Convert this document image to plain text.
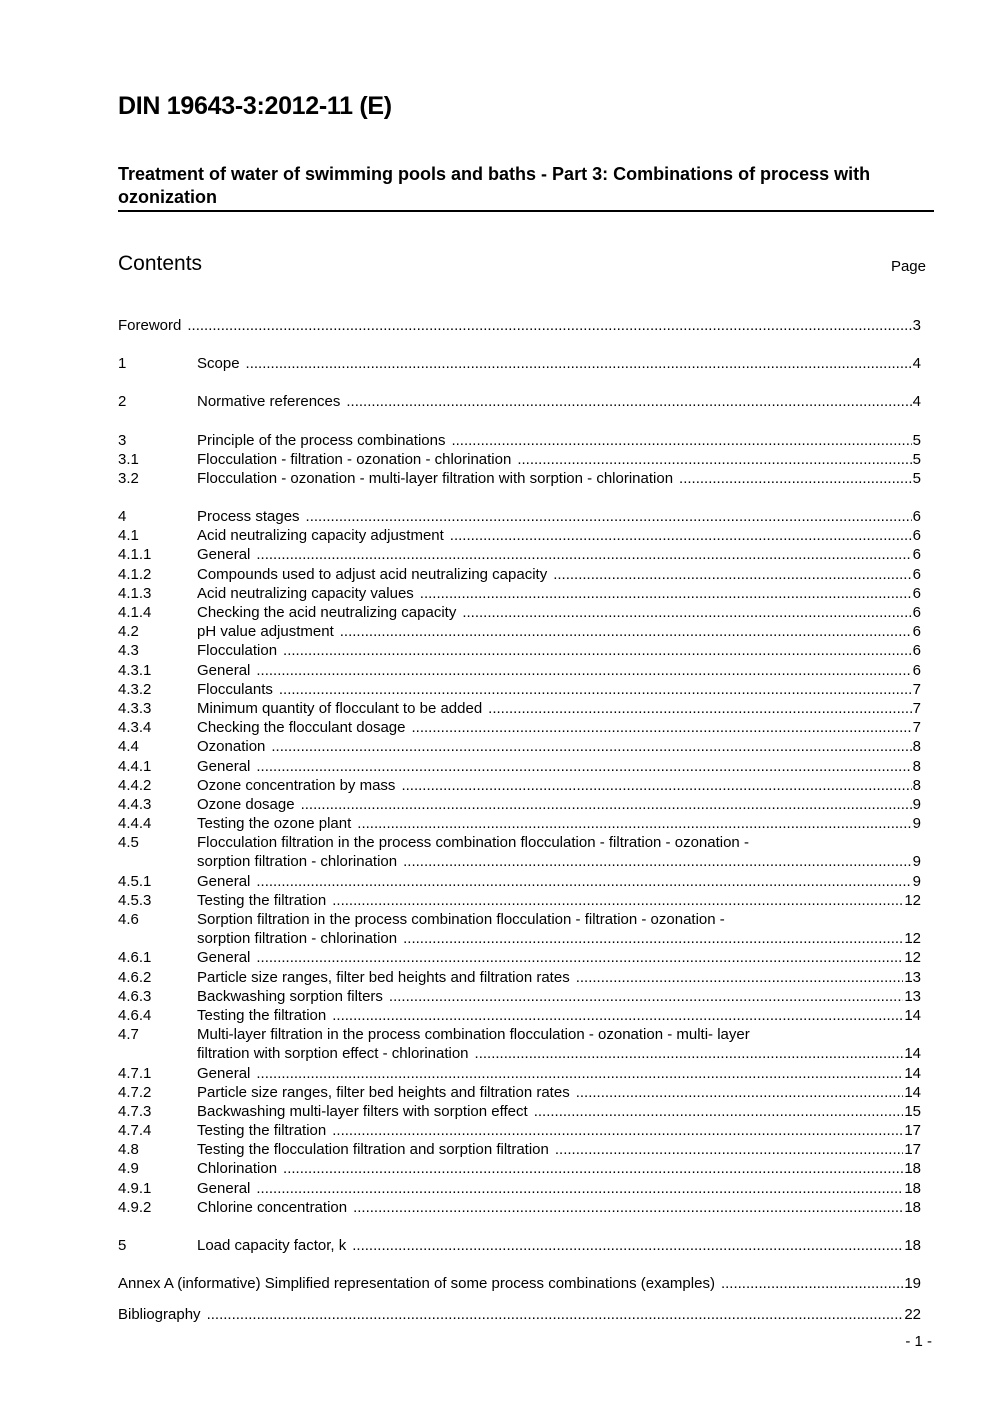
DIN 19643-3:2012-11 (E)
Treatment of water of swimming pools and baths - Part 3: Combinations of process with ozonization
Contents	Page
Foreword .....	3
1	Scope .....	4
2	Normative references .....	4
3	Principle of the process combinations .....	5
3.1	Flocculation - filtration - ozonation - chlorination .....	5
3.2	Flocculation - ozonation - multi-layer filtration with sorption - chlorination .....	5
4	Process stages .....	6
4.1	Acid neutralizing capacity adjustment .....	6
4.1.1	General .....	6
4.1.2	Compounds used to adjust acid neutralizing capacity .....	6
4.1.3	Acid neutralizing capacity values .....	6
4.1.4	Checking the acid neutralizing capacity .....	6
4.2	pH value adjustment .....	6
4.3	Flocculation .....	6
4.3.1	General .....	6
4.3.2	Flocculants .....	7
4.3.3	Minimum quantity of flocculant to be added .....	7
4.3.4	Checking the flocculant dosage .....	7
4.4	Ozonation .....	8
4.4.1	General .....	8
4.4.2	Ozone concentration by mass .....	8
4.4.3	Ozone dosage .....	9
4.4.4	Testing the ozone plant .....	9
4.5	Flocculation filtration in the process combination flocculation - filtration - ozonation -
sorption filtration - chlorination .....	9
4.5.1	General .....	9
4.5.3	Testing the filtration .....	12
4.6	Sorption filtration in the process combination flocculation - filtration - ozonation -
sorption filtration - chlorination .....	12
4.6.1	General .....	12
4.6.2	Particle size ranges, filter bed heights and filtration rates .....	13
4.6.3	Backwashing sorption filters .....	13
4.6.4	Testing the filtration .....	14
4.7	Multi-layer filtration in the process combination flocculation - ozonation - multi- layer
filtration with sorption effect - chlorination .....	14
4.7.1	General .....	14
4.7.2	Particle size ranges, filter bed heights and filtration rates .....	14
4.7.3	Backwashing multi-layer filters with sorption effect .....	15
4.7.4	Testing the filtration .....	17
4.8	Testing the flocculation filtration and sorption filtration .....	17
4.9	Chlorination .....	18
4.9.1	General .....	18
4.9.2	Chlorine concentration .....	18
5	Load capacity factor, k .....	18
Annex A (informative) Simplified representation of some process combinations (examples) .....	19
Bibliography .....	22
- 1 -
